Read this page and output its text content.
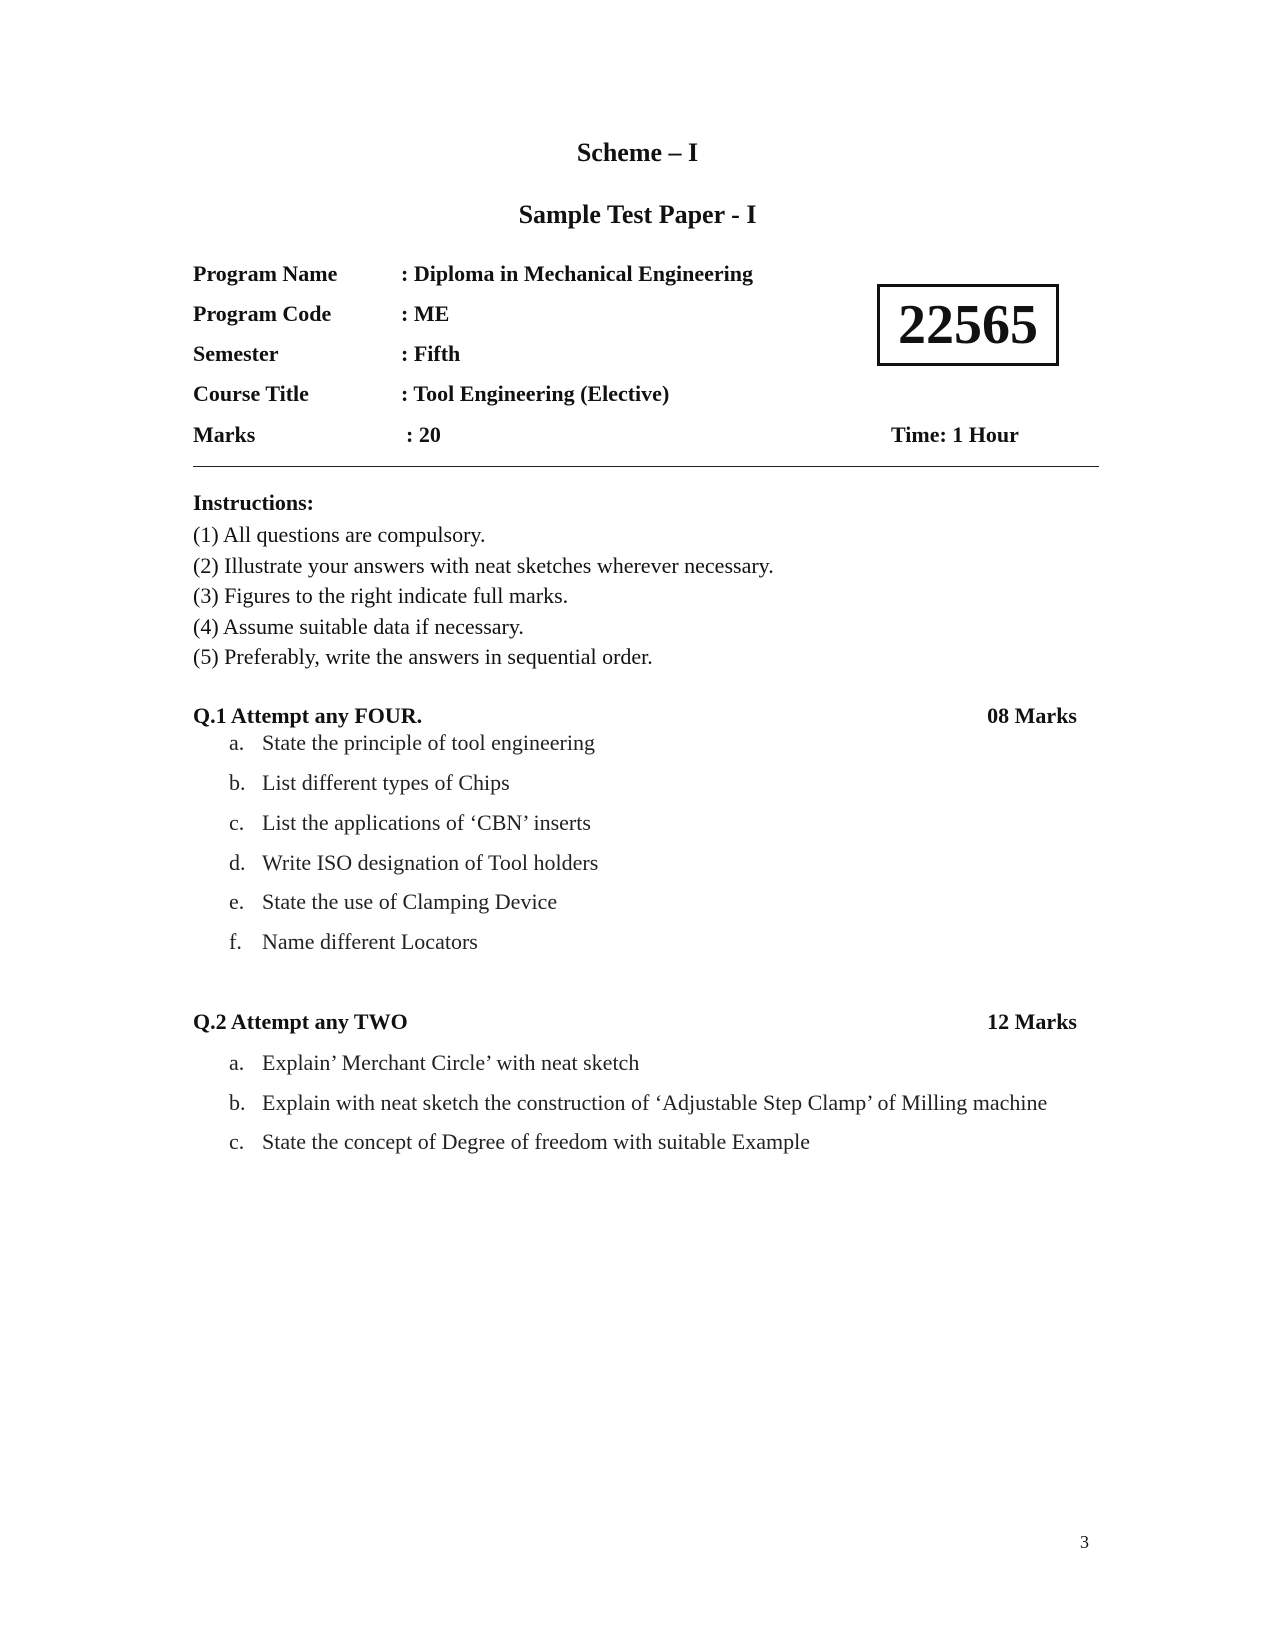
Scheme – I
Sample Test Paper - I
Program Name	: Diploma in Mechanical Engineering
Program Code	: ME
Semester	: Fifth
Course Title	: Tool Engineering (Elective)
Marks	: 20
22565
Time: 1 Hour
Instructions:
(1) All questions are compulsory.
(2) Illustrate your answers with neat sketches wherever necessary.
(3) Figures to the right indicate full marks.
(4) Assume suitable data if necessary.
(5) Preferably, write the answers in sequential order.
Q.1 Attempt any FOUR.	08 Marks
a. State the principle of tool engineering
b. List different types of Chips
c. List the applications of ‘CBN’ inserts
d. Write ISO designation of Tool holders
e. State the use of Clamping Device
f. Name different Locators
Q.2 Attempt any TWO	12 Marks
a. Explain’ Merchant Circle’ with neat sketch
b. Explain with neat sketch the construction of ‘Adjustable Step Clamp’ of Milling machine
c. State the concept of Degree of freedom with suitable Example
3
